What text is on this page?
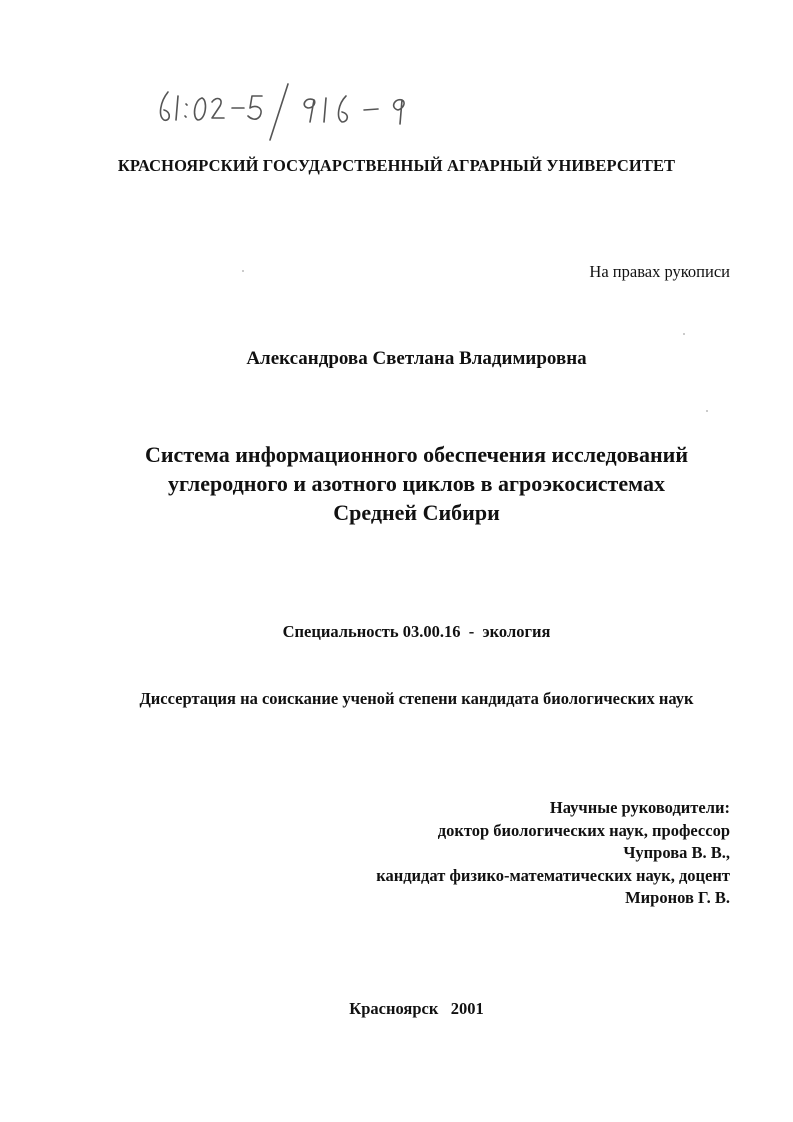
КРАСНОЯРСКИЙ ГОСУДАРСТВЕННЫЙ АГРАРНЫЙ УНИВЕРСИТЕТ
На правах рукописи
Александрова Светлана Владимировна
Система информационного обеспечения исследований
углеродного и азотного циклов в агроэкосистемах
Средней Сибири
Специальность 03.00.16  -  экология
Диссертация на соискание ученой степени кандидата биологических наук
Научные руководители:
доктор биологических наук, профессор
Чупрова В. В.,
кандидат физико-математических наук, доцент
Миронов Г. В.
Красноярск   2001
